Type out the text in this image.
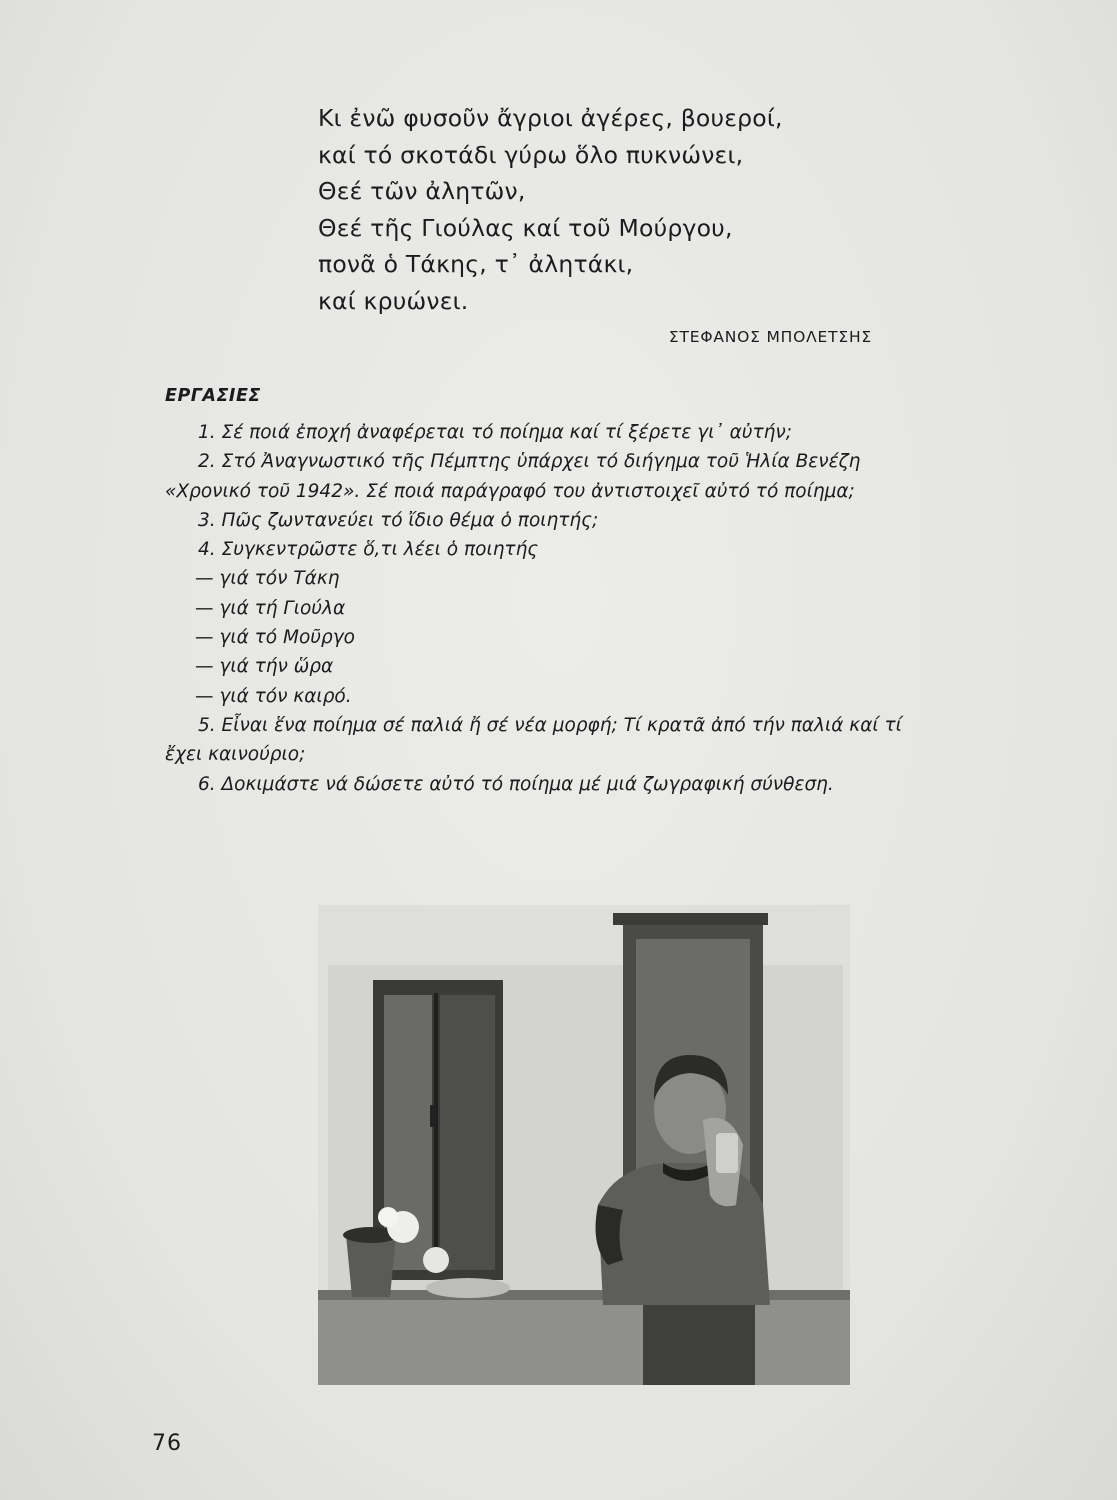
Κι ἐνῶ φυσοῦν ἄγριοι ἀγέρες, βουεροί,
καί τό σκοτάδι γύρω ὅλο πυκνώνει,
Θεέ τῶν ἀλητῶν,
Θεέ τῆς Γιούλας καί τοῦ Μούργου,
πονᾶ ὁ Τάκης, τ᾽ ἀλητάκι,
καί κρυώνει.
ΣΤΕΦΑΝΟΣ ΜΠΟΛΕΤΣΗΣ
ΕΡΓΑΣΙΕΣ
1. Σέ ποιά ἐποχή ἀναφέρεται τό ποίημα καί τί ξέρετε γι᾽ αὐτήν;
2. Στό Ἀναγνωστικό τῆς Πέμπτης ὑπάρχει τό διήγημα τοῦ Ἡλία Βενέζη
«Χρονικό τοῦ 1942». Σέ ποιά παράγραφό του ἀντιστοιχεῖ αὐτό τό ποίημα;
3. Πῶς ζωντανεύει τό ἴδιο θέμα ὁ ποιητής;
4. Συγκεντρῶστε ὅ,τι λέει ὁ ποιητής
— γιά τόν Τάκη
— γιά τή Γιούλα
— γιά τό Μοῦργο
— γιά τήν ὥρα
— γιά τόν καιρό.
5. Εἶναι ἕνα ποίημα σέ παλιά ἤ σέ νέα μορφή; Τί κρατᾶ ἀπό τήν παλιά καί τί
ἔχει καινούριο;
6. Δοκιμάστε νά δώσετε αὐτό τό ποίημα μέ μιά ζωγραφική σύνθεση.
76
